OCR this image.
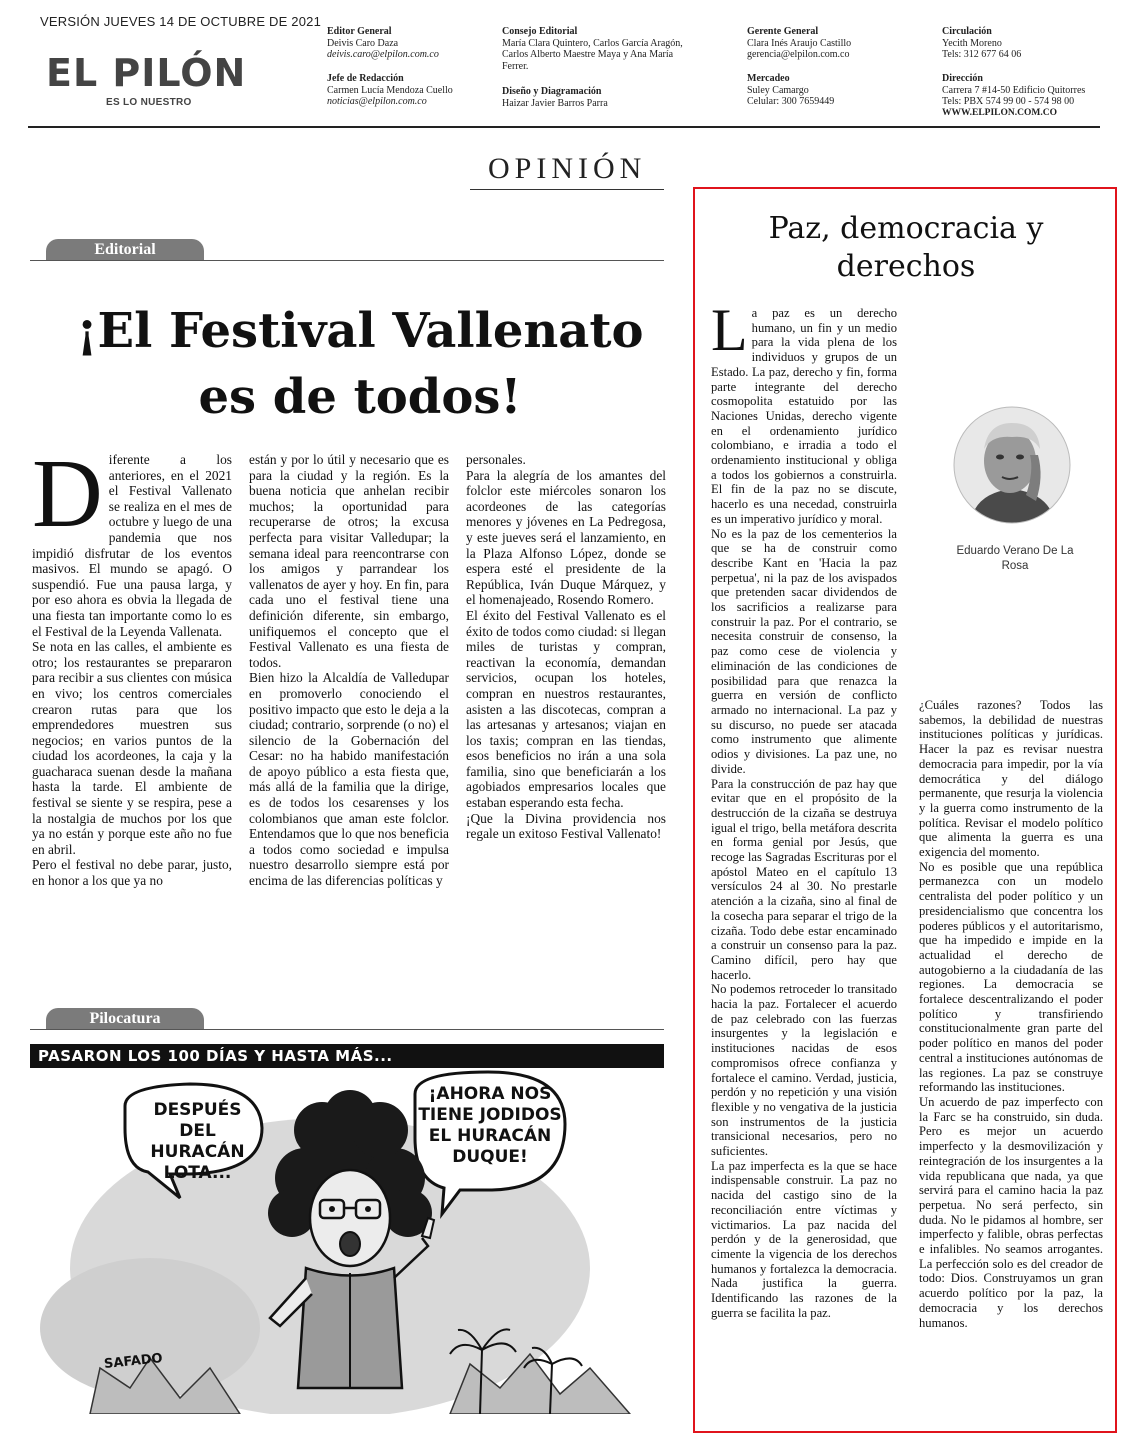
VERSIÓN JUEVES 14 DE OCTUBRE DE 2021
EL PILÓN
ES LO NUESTRO
Editor General
Deivis Caro Daza
deivis.caro@elpilon.com.co
Jefe de Redacción
Carmen Lucía Mendoza Cuello
noticias@elpilon.com.co
Consejo Editorial
María Clara Quintero, Carlos García Aragón,
Carlos Alberto Maestre Maya y Ana María
Ferrer.
Diseño y Diagramación
Haizar Javier Barros Parra
Gerente General
Clara Inés Araujo Castillo
gerencia@elpilon.com.co
Mercadeo
Suley Camargo
Celular: 300 7659449
Circulación
Yecith Moreno
Tels: 312 677 64 06
Dirección
Carrera 7 #14-50 Edificio Quitorres
Tels: PBX 574 99 00 - 574 98 00
WWW.ELPILON.COM.CO
OPINIÓN
Editorial
¡El Festival Vallenato
es de todos!
D iferente a los anteriores, en el 2021 el Festival Vallenato se realiza en el mes de octubre y luego de una pandemia que nos impidió disfrutar de los eventos masivos. El mundo se apagó. O suspendió. Fue una pausa larga, y por eso ahora es obvia la llegada de una fiesta tan importante como lo es el Festival de la Leyenda Vallenata.

Se nota en las calles, el ambiente es otro; los restaurantes se prepararon para recibir a sus clientes con música en vivo; los centros comerciales crearon rutas para que los emprendedores muestren sus negocios; en varios puntos de la ciudad los acordeones, la caja y la guacharaca suenan desde la mañana hasta la tarde. El ambiente de festival se siente y se respira, pese a la nostalgia de muchos por los que ya no están y porque este año no fue en abril.

Pero el festival no debe parar, justo, en honor a los que ya no

están y por lo útil y necesario que es para la ciudad y la región. Es la buena noticia que anhelan recibir muchos; la oportunidad para recuperarse de otros; la excusa perfecta para visitar Valledupar; la semana ideal para reencontrarse con los amigos y parrandear los vallenatos de ayer y hoy. En fin, para cada uno el festival tiene una definición diferente, sin embargo, unifiquemos el concepto que el Festival Vallenato es una fiesta de todos.

Bien hizo la Alcaldía de Valledupar en promoverlo conociendo el positivo impacto que esto le deja a la ciudad; contrario, sorprende (o no) el silencio de la Gobernación del Cesar: no ha habido manifestación de apoyo público a esta fiesta que, más allá de la familia que la dirige, es de todos los cesarenses y los colombianos que aman este folclor. Entendamos que lo que nos beneficia a todos como sociedad e impulsa nuestro desarrollo siempre está por encima de las diferencias políticas y

personales.

Para la alegría de los amantes del folclor este miércoles sonaron los acordeones de las categorías menores y jóvenes en La Pedregosa, y este jueves será el lanzamiento, en la Plaza Alfonso López, donde se espera esté el presidente de la República, Iván Duque Márquez, y el homenajeado, Rosendo Romero.

El éxito del Festival Vallenato es el éxito de todos como ciudad: si llegan miles de turistas y compran, reactivan la economía, demandan servicios, ocupan los hoteles, compran en nuestros restaurantes, asisten a las discotecas, compran a las artesanas y artesanos; viajan en los taxis; compran en las tiendas, esos beneficios no irán a una sola familia, sino que beneficiarán a los agobiados empresarios locales que estaban esperando esta fecha.

¡Que la Divina providencia nos regale un exitoso Festival Vallenato!

Pilocatura
PASARON LOS 100 DÍAS Y HASTA MÁS...
DESPUÉS
DEL HURACÁN
LOTA...
¡AHORA NOS
TIENE JODIDOS
EL HURACÁN
DUQUE!
SAFADO
Paz, democracia y
derechos
L a paz es un derecho humano, un fin y un medio para la vida plena de los individuos y grupos de un Estado. La paz, derecho y fin, forma parte integrante del derecho cosmopolita estatuido por las Naciones Unidas, derecho vigente en el ordenamiento jurídico colombiano, e irradia a todo el ordenamiento institucional y obliga a todos los gobiernos a construirla. El fin de la paz no se discute, hacerlo es una necedad, construirla es un imperativo jurídico y moral.

No es la paz de los cementerios la que se ha de construir como describe Kant en 'Hacia la paz perpetua', ni la paz de los avispados que pretenden sacar dividendos de los sacrificios a realizarse para construir la paz. Por el contrario, se necesita construir de consenso, la paz como cese de violencia y eliminación de las condiciones de posibilidad para que renazca la guerra en versión de conflicto armado no internacional. La paz y su discurso, no puede ser atacada como instrumento que alimente odios y divisiones. La paz une, no divide.

Para la construcción de paz hay que evitar que en el propósito de la destrucción de la cizaña se destruya igual el trigo, bella metáfora descrita en forma genial por Jesús, que recoge las Sagradas Escrituras por el apóstol Mateo en el capítulo 13 versículos 24 al 30. No prestarle atención a la cizaña, sino al final de la cosecha para separar el trigo de la cizaña. Todo debe estar encaminado a construir un consenso para la paz. Camino difícil, pero hay que hacerlo.

No podemos retroceder lo transitado hacia la paz. Fortalecer el acuerdo de paz celebrado con las fuerzas insurgentes y la legislación e instituciones nacidas de esos compromisos ofrece confianza y fortalece el camino. Verdad, justicia, perdón y no repetición y una visión flexible y no vengativa de la justicia son instrumentos de la justicia transicional necesarios, pero no suficientes.

La paz imperfecta es la que se hace indispensable construir. La paz no nacida del castigo sino de la reconciliación entre víctimas y victimarios. La paz nacida del perdón y de la generosidad, que cimente la vigencia de los derechos humanos y fortalezca la democracia. Nada justifica la guerra. Identificando las razones de la guerra se facilita la paz.

Eduardo Verano De La Rosa

¿Cuáles razones? Todos las sabemos, la debilidad de nuestras instituciones políticas y jurídicas. Hacer la paz es revisar nuestra democracia para impedir, por la vía democrática y del diálogo permanente, que resurja la violencia y la guerra como instrumento de la política. Revisar el modelo político que alimenta la guerra es una exigencia del momento.

No es posible que una república permanezca con un modelo centralista del poder político y un presidencialismo que concentra los poderes públicos y el autoritarismo, que ha impedido e impide en la actualidad el derecho de autogobierno a la ciudadanía de las regiones. La democracia se fortalece descentralizando el poder político y transfiriendo constitucionalmente gran parte del poder político en manos del poder central a instituciones autónomas de las regiones. La paz se construye reformando las instituciones.

Un acuerdo de paz imperfecto con la Farc se ha construido, sin duda. Pero es mejor un acuerdo imperfecto y la desmovilización y reintegración de los insurgentes a la vida republicana que nada, ya que servirá para el camino hacia la paz perpetua. No será perfecto, sin duda. No le pidamos al hombre, ser imperfecto y falible, obras perfectas e infalibles. No seamos arrogantes. La perfección solo es del creador de todo: Dios. Construyamos un gran acuerdo político por la paz, la democracia y los derechos humanos.
